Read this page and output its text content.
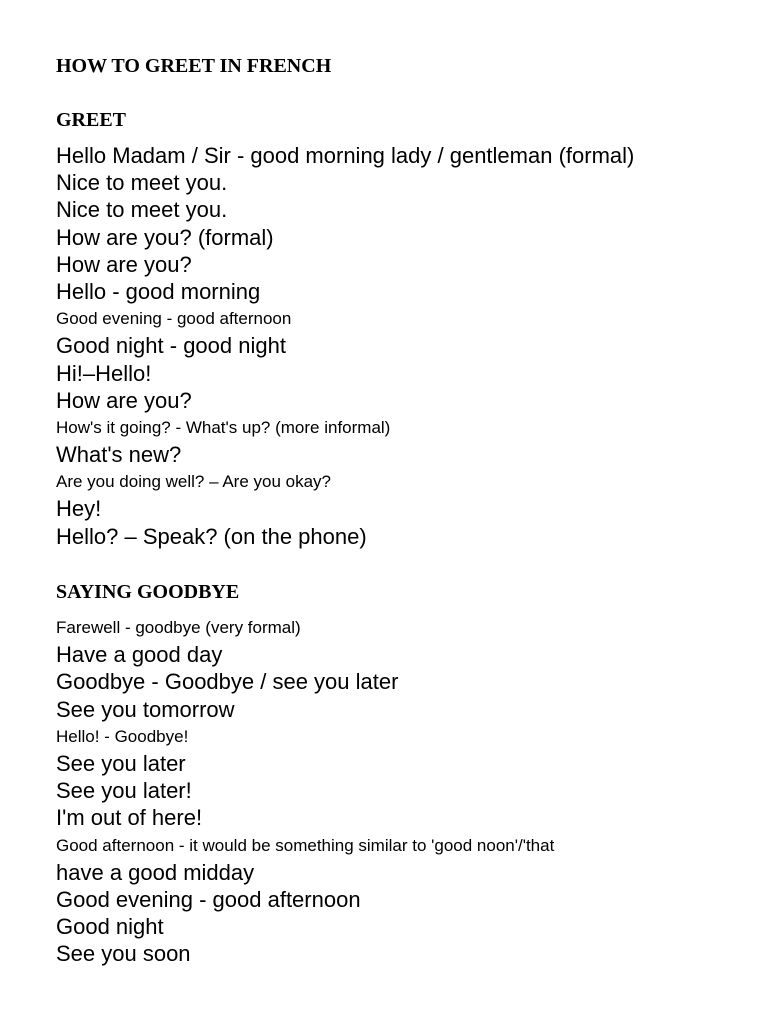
HOW TO GREET IN FRENCH
GREET
Hello Madam / Sir - good morning lady / gentleman (formal)
Nice to meet you.
Nice to meet you.
How are you? (formal)
How are you?
Hello - good morning
Good evening - good afternoon
Good night - good night
Hi!–Hello!
How are you?
How's it going? - What's up? (more informal)
What's new?
Are you doing well? – Are you okay?
Hey!
Hello? – Speak? (on the phone)
SAYING GOODBYE
Farewell - goodbye (very formal)
Have a good day
Goodbye - Goodbye / see you later
See you tomorrow
Hello! - Goodbye!
See you later
See you later!
I'm out of here!
Good afternoon - it would be something similar to 'good noon'/'that
have a good midday
Good evening - good afternoon
Good night
See you soon
